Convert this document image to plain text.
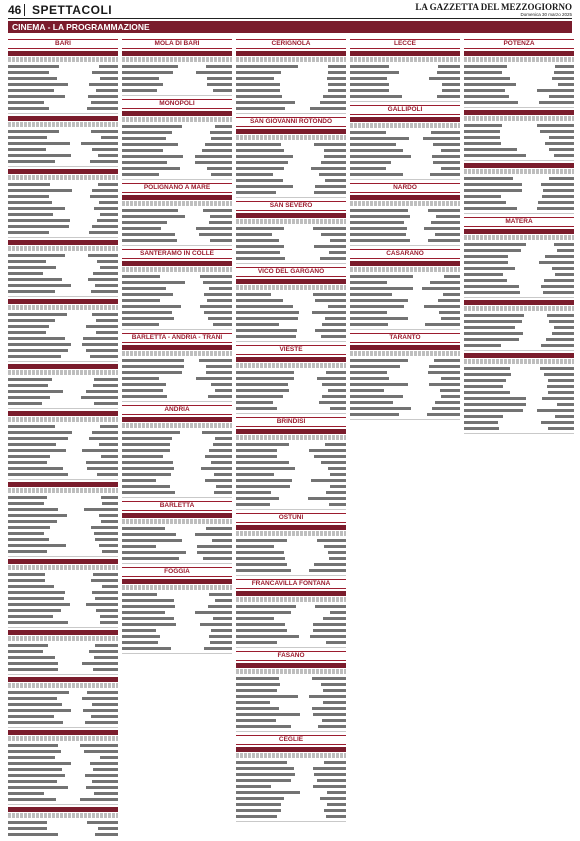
46 SPETTACOLI	LA GAZZETTA DEL MEZZOGIORNO
Domenica 30 marzo 2025
CINEMA - LA PROGRAMMAZIONE
BARI	MOLA DI BARI
MONOPOLI
POLIGNANO A MARE
SANTERAMO IN COLLE
BARLETTA - ANDRIA - TRANI
ANDRIA
BARLETTA
FOGGIA
CERIGNOLA
SAN GIOVANNI ROTONDO
SAN SEVERO
VICO DEL GARGANO
VIESTE
BRINDISI
OSTUNI
FRANCAVILLA FONTANA
FASANO
CEGLIE
LECCE
GALLIPOLI
NARDÒ
CASARANO
TARANTO
POTENZA
MATERA
